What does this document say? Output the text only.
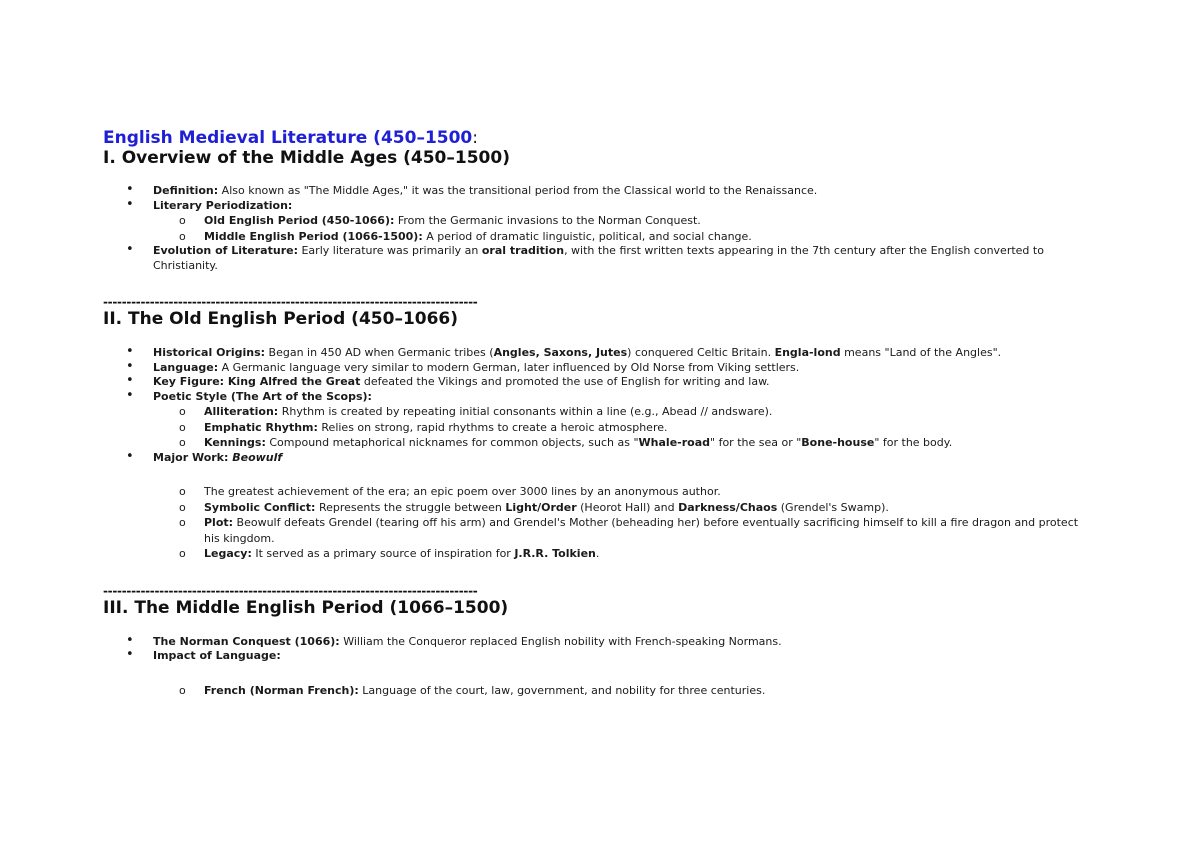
English Medieval Literature (450–1500:
I. Overview of the Middle Ages (450–1500)
• Definition: Also known as "The Middle Ages," it was the transitional period from the Classical world to the Renaissance.
• Literary Periodization:
o Old English Period (450-1066): From the Germanic invasions to the Norman Conquest.
o Middle English Period (1066-1500): A period of dramatic linguistic, political, and social change.
• Evolution of Literature: Early literature was primarily an oral tradition, with the first written texts appearing in the 7th century after the English converted to Christianity.
--------------------------------------------------------------------------------
II. The Old English Period (450–1066)
• Historical Origins: Began in 450 AD when Germanic tribes (Angles, Saxons, Jutes) conquered Celtic Britain. Engla-lond means "Land of the Angles".
• Language: A Germanic language very similar to modern German, later influenced by Old Norse from Viking settlers.
• Key Figure: King Alfred the Great defeated the Vikings and promoted the use of English for writing and law.
• Poetic Style (The Art of the Scops):
o Alliteration: Rhythm is created by repeating initial consonants within a line (e.g., Abead // andsware).
o Emphatic Rhythm: Relies on strong, rapid rhythms to create a heroic atmosphere.
o Kennings: Compound metaphorical nicknames for common objects, such as "Whale-road" for the sea or "Bone-house" for the body.
• Major Work: Beowulf
o The greatest achievement of the era; an epic poem over 3000 lines by an anonymous author.
o Symbolic Conflict: Represents the struggle between Light/Order (Heorot Hall) and Darkness/Chaos (Grendel's Swamp).
o Plot: Beowulf defeats Grendel (tearing off his arm) and Grendel's Mother (beheading her) before eventually sacrificing himself to kill a fire dragon and protect his kingdom.
o Legacy: It served as a primary source of inspiration for J.R.R. Tolkien.
--------------------------------------------------------------------------------
III. The Middle English Period (1066–1500)
• The Norman Conquest (1066): William the Conqueror replaced English nobility with French-speaking Normans.
• Impact of Language:
o French (Norman French): Language of the court, law, government, and nobility for three centuries.
